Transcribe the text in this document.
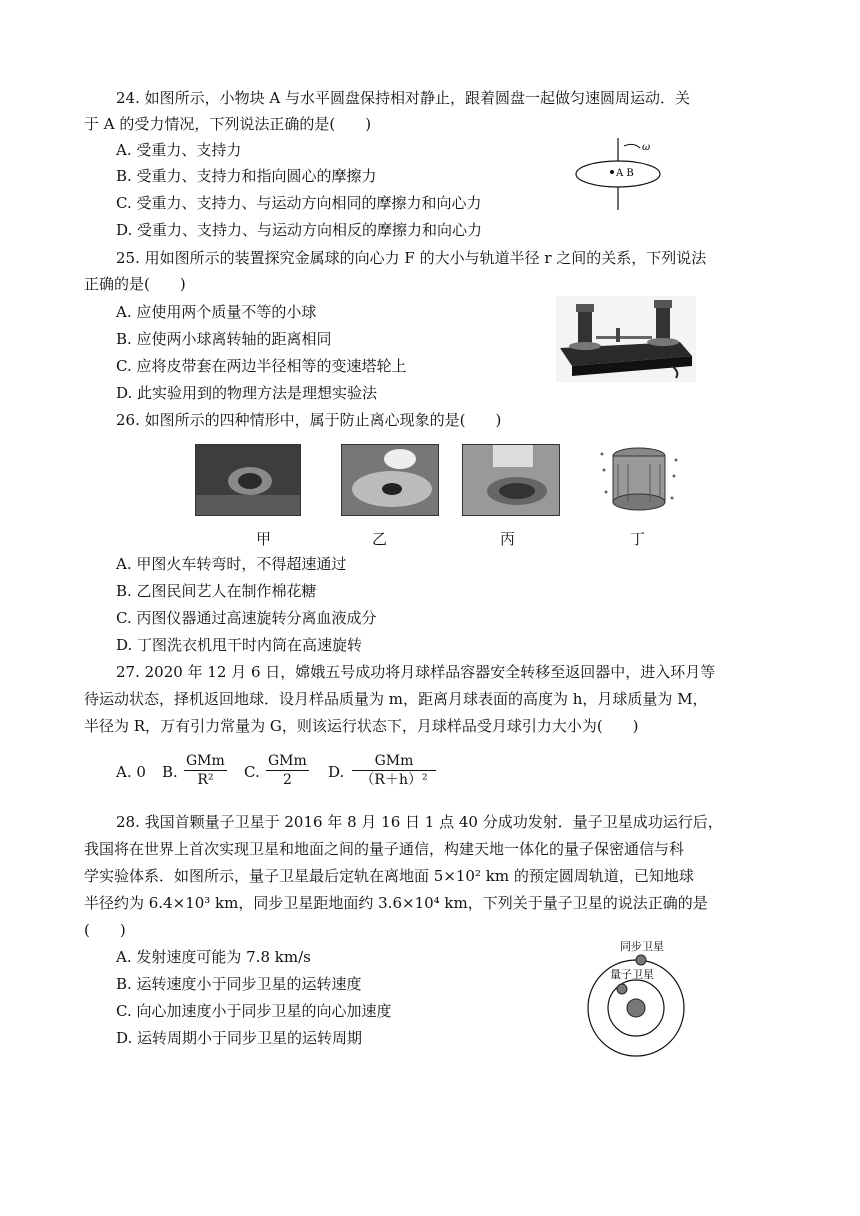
24. 如图所示，小物块 A 与水平圆盘保持相对静止，跟着圆盘一起做匀速圆周运动．关
于 A 的受力情况，下列说法正确的是(　　)
A. 受重力、支持力
B. 受重力、支持力和指向圆心的摩擦力
C. 受重力、支持力、与运动方向相同的摩擦力和向心力
D. 受重力、支持力、与运动方向相反的摩擦力和向心力
ω
A B
25. 用如图所示的装置探究金属球的向心力 F 的大小与轨道半径 r 之间的关系，下列说法
正确的是(　　)
A. 应使用两个质量不等的小球
B. 应使两小球离转轴的距离相同
C. 应将皮带套在两边半径相等的变速塔轮上
D. 此实验用到的物理方法是理想实验法
26. 如图所示的四种情形中，属于防止离心现象的是(　　)
甲	乙	丙	丁
A. 甲图火车转弯时，不得超速通过
B. 乙图民间艺人在制作棉花糖
C. 丙图仪器通过高速旋转分离血液成分
D. 丁图洗衣机甩干时内筒在高速旋转
27. 2020 年 12 月 6 日，嫦娥五号成功将月球样品容器安全转移至返回器中，进入环月等
待运动状态，择机返回地球．设月样品质量为 m，距离月球表面的高度为 h，月球质量为 M，
半径为 R，万有引力常量为 G，则该运行状态下，月球样品受月球引力大小为(　　)
A. 0 B.
GMm
R²	C.
GMm
2	D.
GMm
（R＋h）²
28. 我国首颗量子卫星于 2016 年 8 月 16 日 1 点 40 分成功发射．量子卫星成功运行后，
我国将在世界上首次实现卫星和地面之间的量子通信，构建天地一体化的量子保密通信与科
学实验体系．如图所示，量子卫星最后定轨在离地面 5×10² km 的预定圆周轨道，已知地球
半径约为 6.4×10³ km，同步卫星距地面约 3.6×10⁴ km，下列关于量子卫星的说法正确的是
(　　)
A. 发射速度可能为 7.8 km/s
B. 运转速度小于同步卫星的运转速度
C. 向心加速度小于同步卫星的向心加速度
D. 运转周期小于同步卫星的运转周期
同步卫星
量子卫星
